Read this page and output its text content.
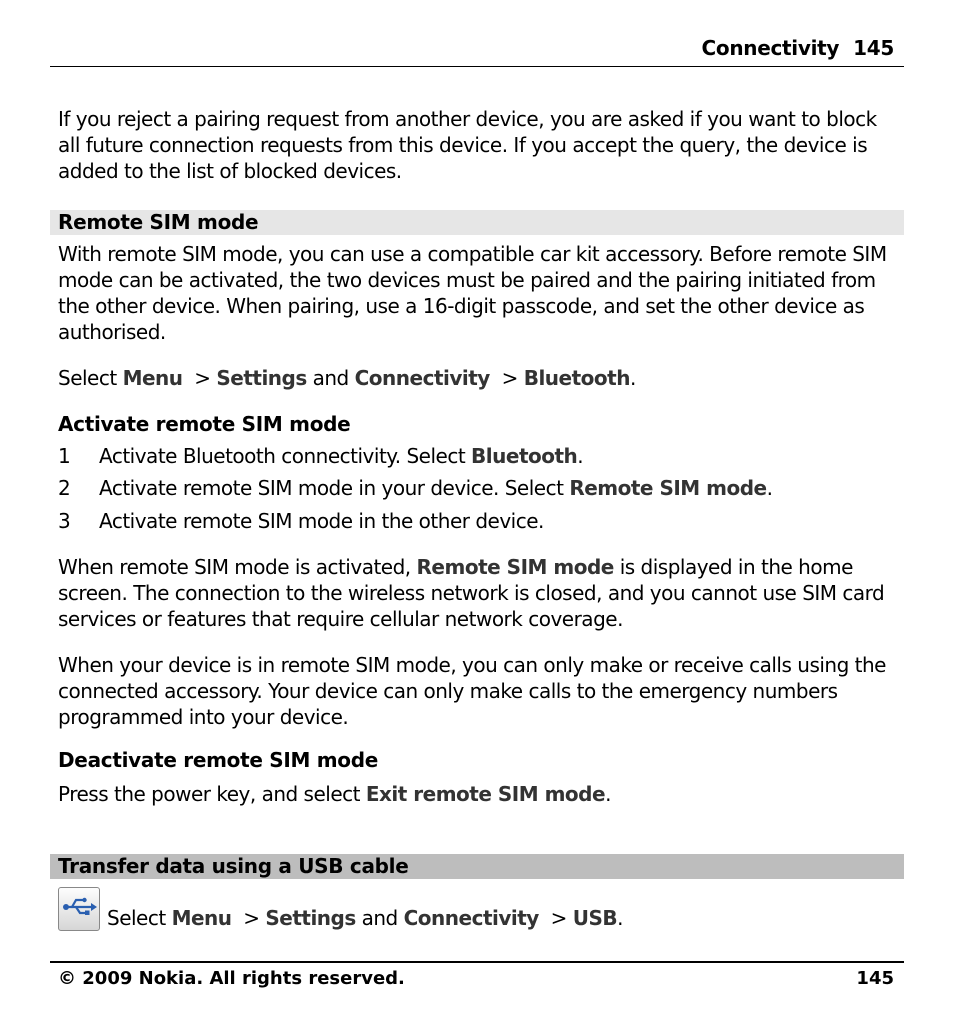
Connectivity 145
If you reject a pairing request from another device, you are asked if you want to block all future connection requests from this device. If you accept the query, the device is added to the list of blocked devices.
Remote SIM mode
With remote SIM mode, you can use a compatible car kit accessory. Before remote SIM mode can be activated, the two devices must be paired and the pairing initiated from the other device. When pairing, use a 16-digit passcode, and set the other device as authorised.
Select Menu > Settings and Connectivity > Bluetooth.
Activate remote SIM mode
1 Activate Bluetooth connectivity. Select Bluetooth.
2 Activate remote SIM mode in your device. Select Remote SIM mode.
3 Activate remote SIM mode in the other device.
When remote SIM mode is activated, Remote SIM mode is displayed in the home screen. The connection to the wireless network is closed, and you cannot use SIM card services or features that require cellular network coverage.
When your device is in remote SIM mode, you can only make or receive calls using the connected accessory. Your device can only make calls to the emergency numbers programmed into your device.
Deactivate remote SIM mode
Press the power key, and select Exit remote SIM mode.
Transfer data using a USB cable
Select Menu > Settings and Connectivity > USB.
© 2009 Nokia. All rights reserved.	145
